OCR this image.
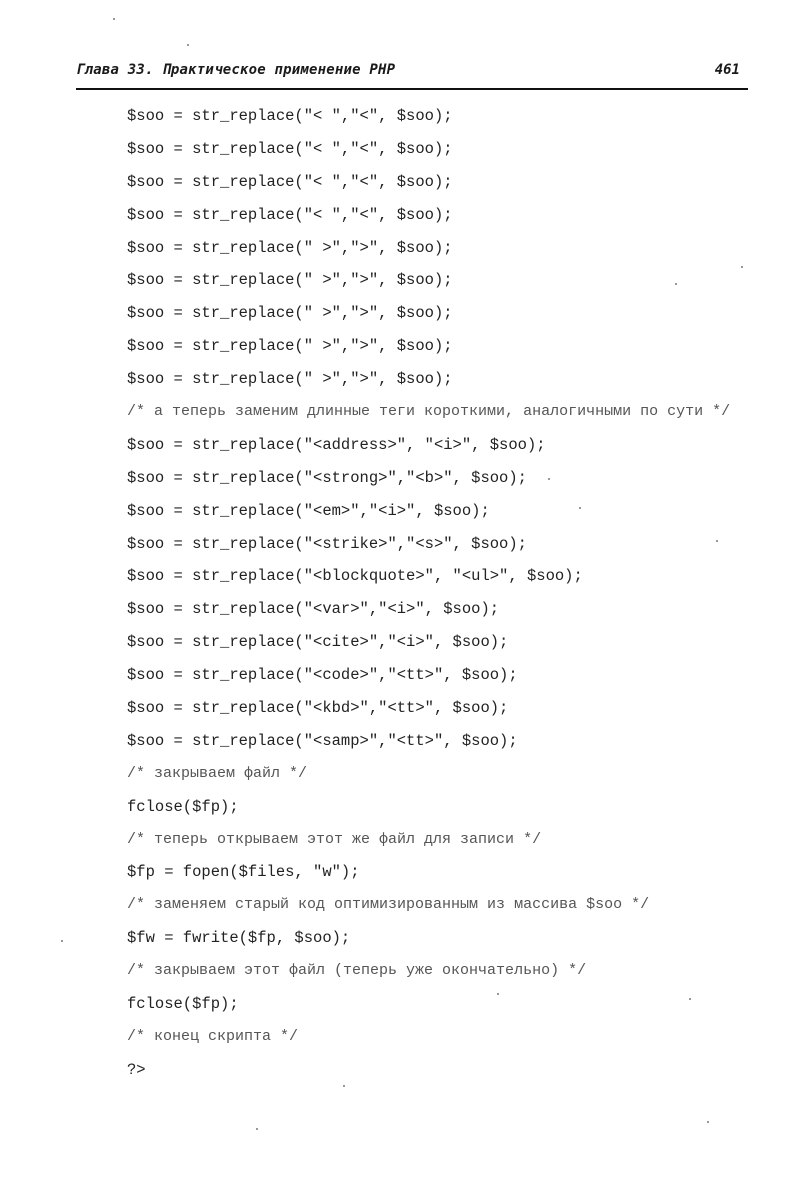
Глава 33. Практическое применение PHP	461
$soo = str_replace("< ","<", $soo);
$soo = str_replace("< ","<", $soo);
$soo = str_replace("< ","<", $soo);
$soo = str_replace("< ","<", $soo);
$soo = str_replace(" >",">", $soo);
$soo = str_replace(" >",">", $soo);
$soo = str_replace(" >",">", $soo);
$soo = str_replace(" >",">", $soo);
$soo = str_replace(" >",">", $soo);
/* а теперь заменим длинные теги короткими, аналогичными по сути */
$soo = str_replace("<address>", "<i>", $soo);
$soo = str_replace("<strong>","<b>", $soo);
$soo = str_replace("<em>","<i>", $soo);
$soo = str_replace("<strike>","<s>", $soo);
$soo = str_replace("<blockquote>", "<ul>", $soo);
$soo = str_replace("<var>","<i>", $soo);
$soo = str_replace("<cite>","<i>", $soo);
$soo = str_replace("<code>","<tt>", $soo);
$soo = str_replace("<kbd>","<tt>", $soo);
$soo = str_replace("<samp>","<tt>", $soo);
/* закрываем файл */
fclose($fp);
/* теперь открываем этот же файл для записи */
$fp = fopen($files, "w");
/* заменяем старый код оптимизированным из массива $soo */
$fw = fwrite($fp, $soo);
/* закрываем этот файл (теперь уже окончательно) */
fclose($fp);
/* конец скрипта */
?>
